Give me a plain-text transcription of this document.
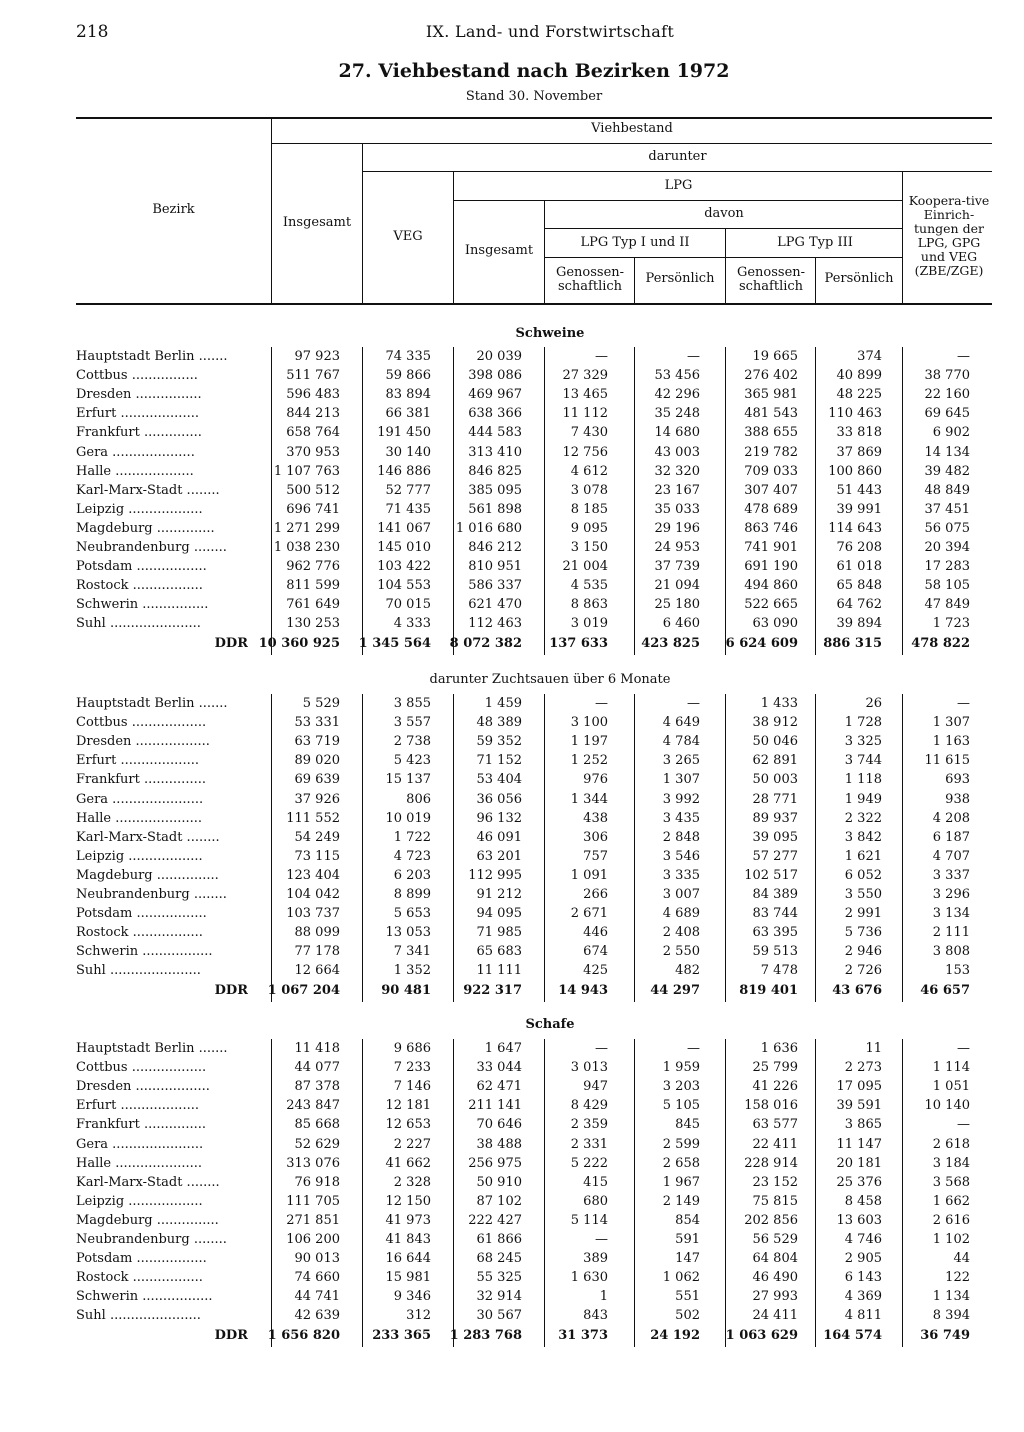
218	IX. Land- und Forstwirtschaft
27. Viehbestand nach Bezirken 1972
Stand 30. November
Bezirk
Viehbestand
Insgesamt
darunter
VEG
LPG
Insgesamt
davon
LPG Typ I und II	LPG Typ III
Genossen-schaftlich
Persönlich	Genossen-schaftlich
Persönlich
Koopera-tive Einrich-tungen der LPG, GPG und VEG (ZBE/ZGE)
Schweine
Hauptstadt Berlin .......	97 923	74 335	20 039	—	—	19 665	374	—
Cottbus ................	511 767	59 866	398 086	27 329	53 456	276 402	40 899	38 770
Dresden ................	596 483	83 894	469 967	13 465	42 296	365 981	48 225	22 160
Erfurt ...................	844 213	66 381	638 366	11 112	35 248	481 543	110 463	69 645
Frankfurt ..............	658 764	191 450	444 583	7 430	14 680	388 655	33 818	6 902
Gera ....................	370 953	30 140	313 410	12 756	43 003	219 782	37 869	14 134
Halle ...................	1 107 763	146 886	846 825	4 612	32 320	709 033	100 860	39 482
Karl-Marx-Stadt ........	500 512	52 777	385 095	3 078	23 167	307 407	51 443	48 849
Leipzig ..................	696 741	71 435	561 898	8 185	35 033	478 689	39 991	37 451
Magdeburg ..............	1 271 299	141 067	1 016 680	9 095	29 196	863 746	114 643	56 075
Neubrandenburg ........	1 038 230	145 010	846 212	3 150	24 953	741 901	76 208	20 394
Potsdam .................	962 776	103 422	810 951	21 004	37 739	691 190	61 018	17 283
Rostock .................	811 599	104 553	586 337	4 535	21 094	494 860	65 848	58 105
Schwerin ................	761 649	70 015	621 470	8 863	25 180	522 665	64 762	47 849
Suhl ......................	130 253	4 333	112 463	3 019	6 460	63 090	39 894	1 723
DDR 10 360 925	1 345 564	8 072 382	137 633	423 825	6 624 609	886 315	478 822
darunter Zuchtsauen über 6 Monate
Hauptstadt Berlin .......	5 529	3 855	1 459	—	—	1 433	26	—
Cottbus ..................	53 331	3 557	48 389	3 100	4 649	38 912	1 728	1 307
Dresden ..................	63 719	2 738	59 352	1 197	4 784	50 046	3 325	1 163
Erfurt ...................	89 020	5 423	71 152	1 252	3 265	62 891	3 744	11 615
Frankfurt ...............	69 639	15 137	53 404	976	1 307	50 003	1 118	693
Gera ......................	37 926	806	36 056	1 344	3 992	28 771	1 949	938
Halle .....................	111 552	10 019	96 132	438	3 435	89 937	2 322	4 208
Karl-Marx-Stadt ........	54 249	1 722	46 091	306	2 848	39 095	3 842	6 187
Leipzig ..................	73 115	4 723	63 201	757	3 546	57 277	1 621	4 707
Magdeburg ...............	123 404	6 203	112 995	1 091	3 335	102 517	6 052	3 337
Neubrandenburg ........	104 042	8 899	91 212	266	3 007	84 389	3 550	3 296
Potsdam .................	103 737	5 653	94 095	2 671	4 689	83 744	2 991	3 134
Rostock .................	88 099	13 053	71 985	446	2 408	63 395	5 736	2 111
Schwerin .................	77 178	7 341	65 683	674	2 550	59 513	2 946	3 808
Suhl ......................	12 664	1 352	11 111	425	482	7 478	2 726	153
DDR	1 067 204	90 481	922 317	14 943	44 297	819 401	43 676	46 657
Schafe
Hauptstadt Berlin .......	11 418	9 686	1 647	—	—	1 636	11	—
Cottbus ..................	44 077	7 233	33 044	3 013	1 959	25 799	2 273	1 114
Dresden ..................	87 378	7 146	62 471	947	3 203	41 226	17 095	1 051
Erfurt ...................	243 847	12 181	211 141	8 429	5 105	158 016	39 591	10 140
Frankfurt ...............	85 668	12 653	70 646	2 359	845	63 577	3 865	—
Gera ......................	52 629	2 227	38 488	2 331	2 599	22 411	11 147	2 618
Halle .....................	313 076	41 662	256 975	5 222	2 658	228 914	20 181	3 184
Karl-Marx-Stadt ........	76 918	2 328	50 910	415	1 967	23 152	25 376	3 568
Leipzig ..................	111 705	12 150	87 102	680	2 149	75 815	8 458	1 662
Magdeburg ...............	271 851	41 973	222 427	5 114	854	202 856	13 603	2 616
Neubrandenburg ........	106 200	41 843	61 866	—	591	56 529	4 746	1 102
Potsdam .................	90 013	16 644	68 245	389	147	64 804	2 905	44
Rostock .................	74 660	15 981	55 325	1 630	1 062	46 490	6 143	122
Schwerin .................	44 741	9 346	32 914	1	551	27 993	4 369	1 134
Suhl ......................	42 639	312	30 567	843	502	24 411	4 811	8 394
DDR	1 656 820	233 365	1 283 768	31 373	24 192	1 063 629	164 574	36 749
